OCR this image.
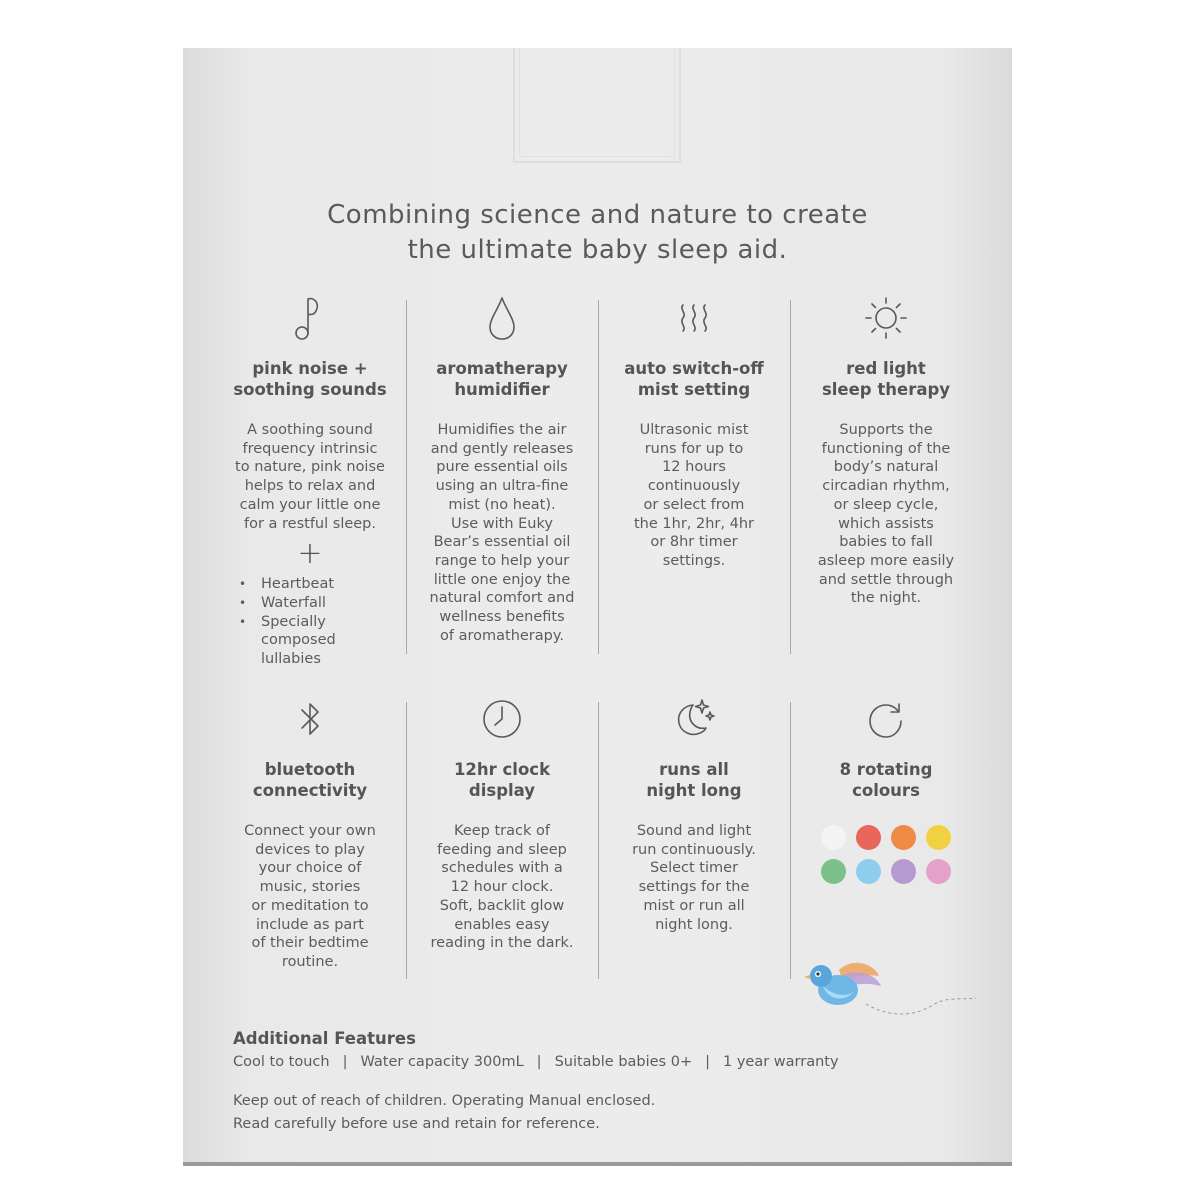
Combining science and nature to create
the ultimate baby sleep aid.
pink noise +
soothing sounds
A soothing sound
frequency intrinsic
to nature, pink noise
helps to relax and
calm your little one
for a restful sleep.
+
• Heartbeat
• Waterfall
• Specially
composed
lullabies
aromatherapy
humidifier
Humidifies the air
and gently releases
pure essential oils
using an ultra-fine
mist (no heat).
Use with Euky
Bear’s essential oil
range to help your
little one enjoy the
natural comfort and
wellness benefits
of aromatherapy.
auto switch-off
mist setting
Ultrasonic mist
runs for up to
12 hours
continuously
or select from
the 1hr, 2hr, 4hr
or 8hr timer
settings.
red light
sleep therapy
Supports the
functioning of the
body’s natural
circadian rhythm,
or sleep cycle,
which assists
babies to fall
asleep more easily
and settle through
the night.
bluetooth
connectivity
Connect your own
devices to play
your choice of
music, stories
or meditation to
include as part
of their bedtime
routine.
12hr clock
display
Keep track of
feeding and sleep
schedules with a
12 hour clock.
Soft, backlit glow
enables easy
reading in the dark.
runs all
night long
Sound and light
run continuously.
Select timer
settings for the
mist or run all
night long.
8 rotating
colours
Additional Features
Cool to touch | Water capacity 300mL | Suitable babies 0+ | 1 year warranty
Keep out of reach of children. Operating Manual enclosed.
Read carefully before use and retain for reference.
